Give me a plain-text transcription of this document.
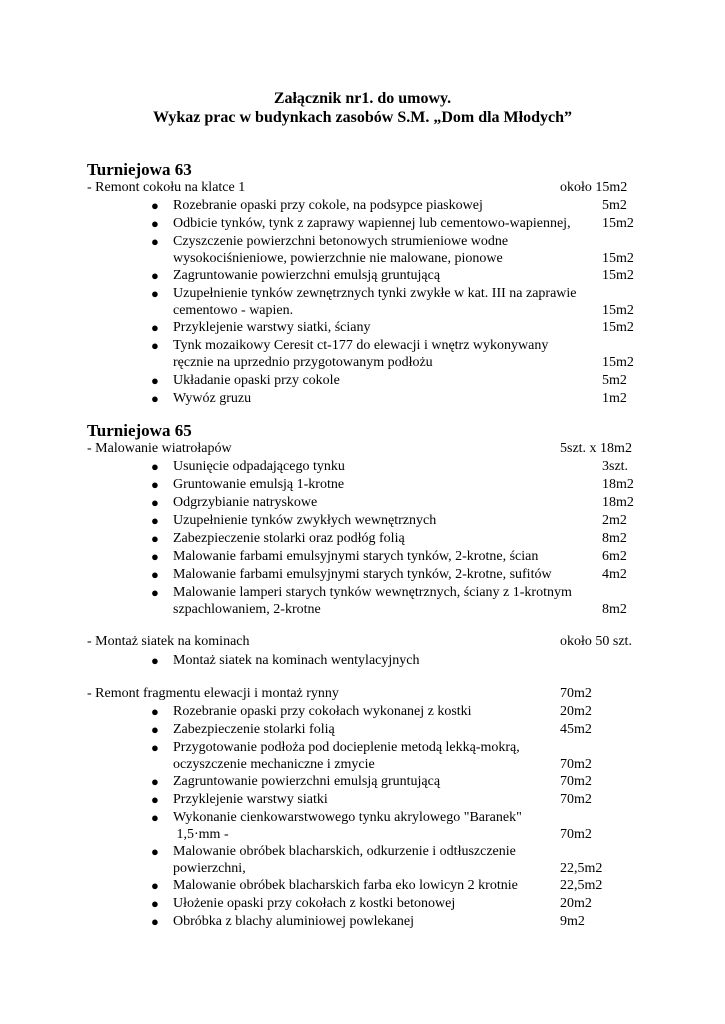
Załącznik nr1. do umowy.
Wykaz prac w budynkach zasobów S.M. „Dom dla Młodych”
Turniejowa 63
- Remont cokołu na klatce 1	około 15m2
● Rozebranie opaski przy cokole, na podsypce piaskowej	5m2
● Odbicie tynków, tynk z zaprawy wapiennej lub cementowo-wapiennej, 15m2
● Czyszczenie powierzchni betonowych strumieniowe wodne
wysokociśnieniowe, powierzchnie nie malowane, pionowe	15m2
● Zagruntowanie powierzchni emulsją gruntującą	15m2
● Uzupełnienie tynków zewnętrznych tynki zwykłe w kat. III na zaprawie
cementowo - wapien.	15m2
● Przyklejenie warstwy siatki, ściany	15m2
● Tynk mozaikowy Ceresit ct-177 do elewacji i wnętrz wykonywany
ręcznie na uprzednio przygotowanym podłożu	15m2
● Układanie opaski przy cokole	5m2
● Wywóz gruzu	1m2
Turniejowa 65
- Malowanie wiatrołapów	5szt. x 18m2
● Usunięcie odpadającego tynku	3szt.
● Gruntowanie emulsją 1-krotne	18m2
● Odgrzybianie natryskowe	18m2
● Uzupełnienie tynków zwykłych wewnętrznych	2m2
● Zabezpieczenie stolarki oraz podłóg folią	8m2
● Malowanie farbami emulsyjnymi starych tynków, 2-krotne, ścian	6m2
● Malowanie farbami emulsyjnymi starych tynków, 2-krotne, sufitów	4m2
● Malowanie lamperi starych tynków wewnętrznych, ściany z 1-krotnym
szpachlowaniem, 2-krotne	8m2
- Montaż siatek na kominach	około 50 szt.
● Montaż siatek na kominach wentylacyjnych
- Remont fragmentu elewacji i montaż rynny	70m2
● Rozebranie opaski przy cokołach wykonanej z kostki	20m2
● Zabezpieczenie stolarki folią	45m2
● Przygotowanie podłoża pod docieplenie metodą lekką-mokrą,
oczyszczenie mechaniczne i zmycie	70m2
● Zagruntowanie powierzchni emulsją gruntującą	70m2
● Przyklejenie warstwy siatki	70m2
● Wykonanie cienkowarstwowego tynku akrylowego "Baranek"
1,5·mm -	70m2
● Malowanie obróbek blacharskich, odkurzenie i odtłuszczenie
powierzchni,	22,5m2
● Malowanie obróbek blacharskich farba eko lowicyn 2 krotnie	22,5m2
● Ułożenie opaski przy cokołach z kostki betonowej	20m2
● Obróbka z blachy aluminiowej powlekanej	9m2
